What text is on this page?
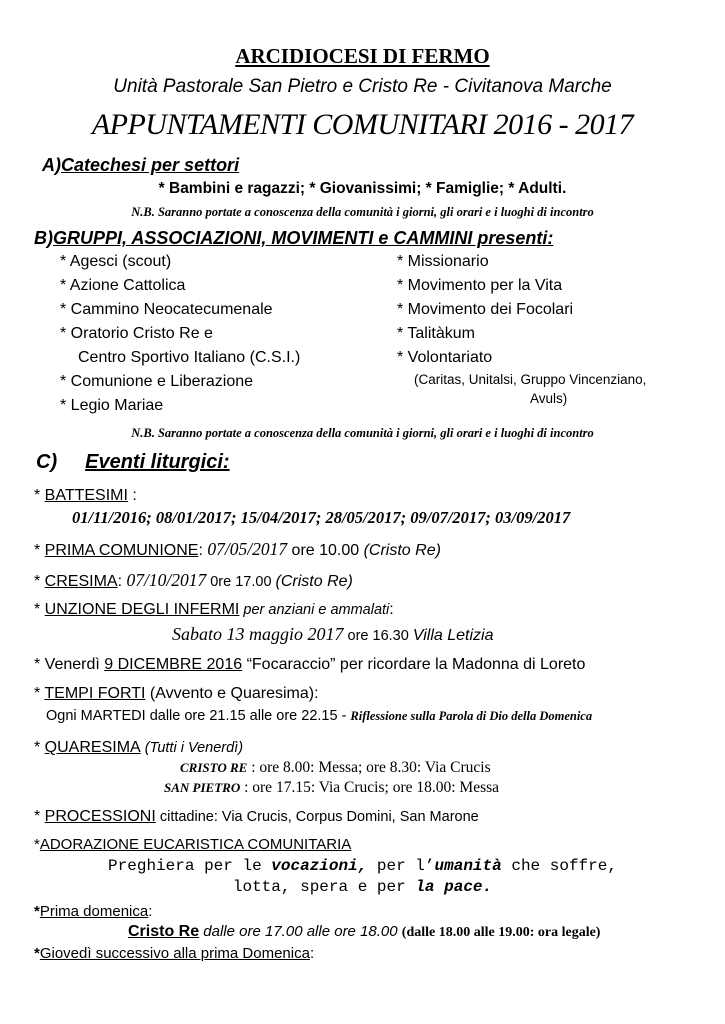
ARCIDIOCESI DI FERMO
Unità Pastorale San Pietro e Cristo Re - Civitanova Marche
APPUNTAMENTI COMUNITARI 2016 - 2017
A)Catechesi per settori
* Bambini e ragazzi; * Giovanissimi; * Famiglie; * Adulti.
N.B. Saranno portate a conoscenza della comunità i giorni, gli orari e i luoghi di incontro
B)GRUPPI, ASSOCIAZIONI, MOVIMENTI e CAMMINI presenti:
* Agesci (scout)
* Azione Cattolica
* Cammino Neocatecumenale
* Oratorio Cristo Re e
Centro Sportivo Italiano (C.S.I.)
* Comunione e Liberazione
* Legio Mariae
* Missionario
* Movimento per la Vita
* Movimento dei Focolari
* Talitàkum
* Volontariato
(Caritas, Unitalsi, Gruppo Vincenziano,
Avuls)
N.B. Saranno portate a conoscenza della comunità i giorni, gli orari e i luoghi di incontro
C) Eventi liturgici:
* BATTESIMI :
01/11/2016; 08/01/2017; 15/04/2017; 28/05/2017; 09/07/2017; 03/09/2017
* PRIMA COMUNIONE: 07/05/2017 ore 10.00 (Cristo Re)
* CRESIMA: 07/10/2017 0re 17.00 (Cristo Re)
* UNZIONE DEGLI INFERMI per anziani e ammalati:
Sabato 13 maggio 2017 ore 16.30 Villa Letizia
* Venerdì 9 DICEMBRE 2016 “Focaraccio” per ricordare la Madonna di Loreto
* TEMPI FORTI (Avvento e Quaresima):
Ogni MARTEDI dalle ore 21.15 alle ore 22.15 - Riflessione sulla Parola di Dio della Domenica
* QUARESIMA (Tutti i Venerdì)
CRISTO RE : ore 8.00: Messa; ore 8.30: Via Crucis
SAN PIETRO : ore 17.15: Via Crucis; ore 18.00: Messa
* PROCESSIONI cittadine: Via Crucis, Corpus Domini, San Marone
*ADORAZIONE EUCARISTICA COMUNITARIA
Preghiera per le vocazioni, per l’umanità che soffre,
lotta, spera e per la pace.
*Prima domenica:
Cristo Re dalle ore 17.00 alle ore 18.00 (dalle 18.00 alle 19.00: ora legale)
*Giovedì successivo alla prima Domenica:
